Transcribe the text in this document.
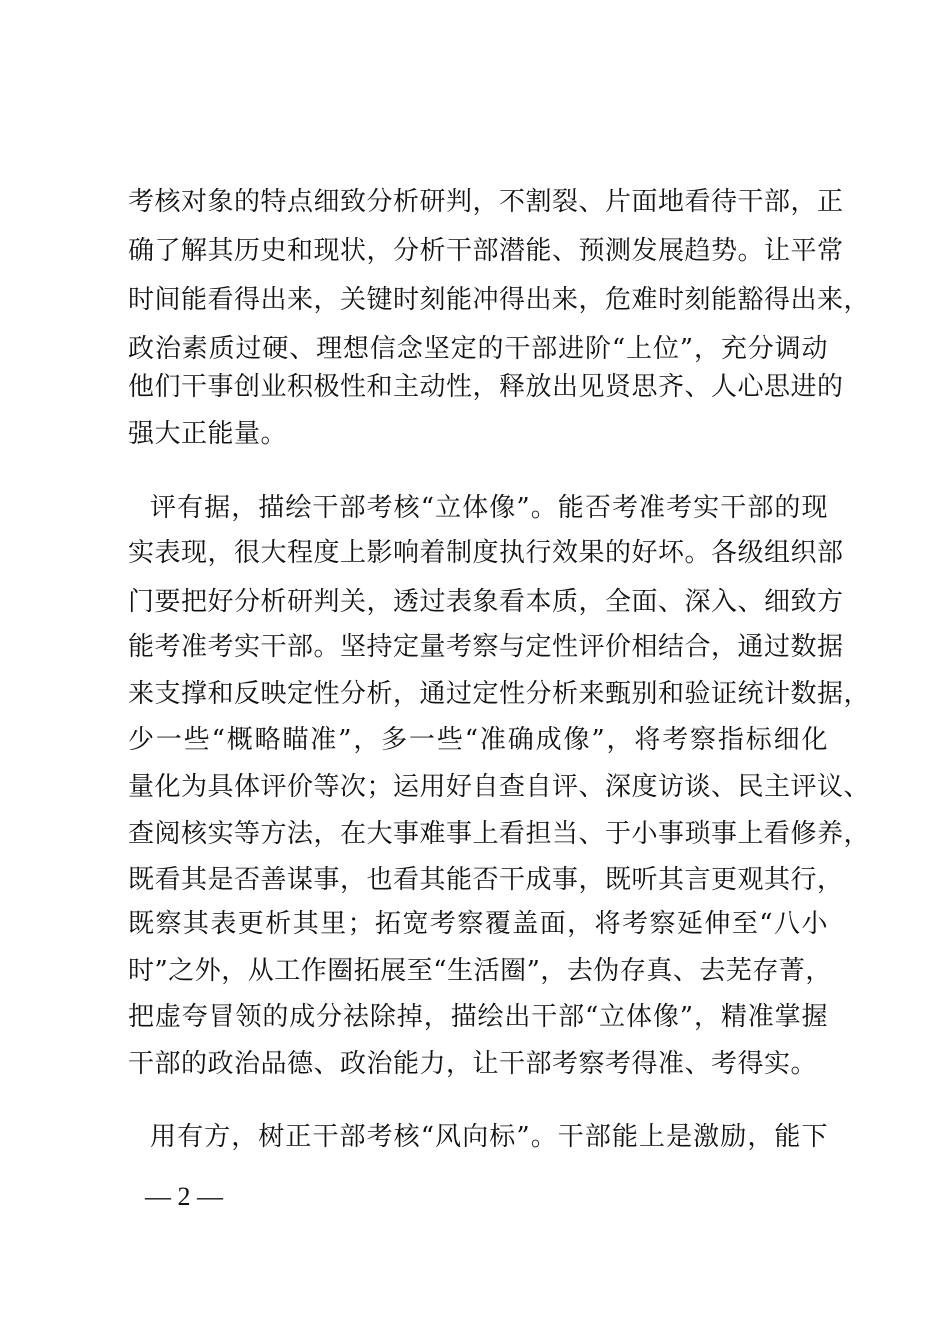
考核对象的特点细致分析研判，不割裂、片面地看待干部，正
确了解其历史和现状，分析干部潜能、预测发展趋势。让平常
时间能看得出来，关键时刻能冲得出来，危难时刻能豁得出来，
政治素质过硬、理想信念坚定的干部进阶“上位”，充分调动
他们干事创业积极性和主动性，释放出见贤思齐、人心思进的
强大正能量。
评有据，描绘干部考核“立体像”。能否考准考实干部的现
实表现，很大程度上影响着制度执行效果的好坏。各级组织部
门要把好分析研判关，透过表象看本质，全面、深入、细致方
能考准考实干部。坚持定量考察与定性评价相结合，通过数据
来支撑和反映定性分析，通过定性分析来甄别和验证统计数据，
少一些“概略瞄准”，多一些“准确成像”，将考察指标细化
量化为具体评价等次；运用好自查自评、深度访谈、民主评议、
查阅核实等方法，在大事难事上看担当、于小事琐事上看修养，
既看其是否善谋事，也看其能否干成事，既听其言更观其行，
既察其表更析其里；拓宽考察覆盖面，将考察延伸至“八小
时”之外，从工作圈拓展至“生活圈”，去伪存真、去芜存菁，
把虚夸冒领的成分祛除掉，描绘出干部“立体像”，精准掌握
干部的政治品德、政治能力，让干部考察考得准、考得实。
用有方，树正干部考核“风向标”。干部能上是激励，能下
— 2 —
